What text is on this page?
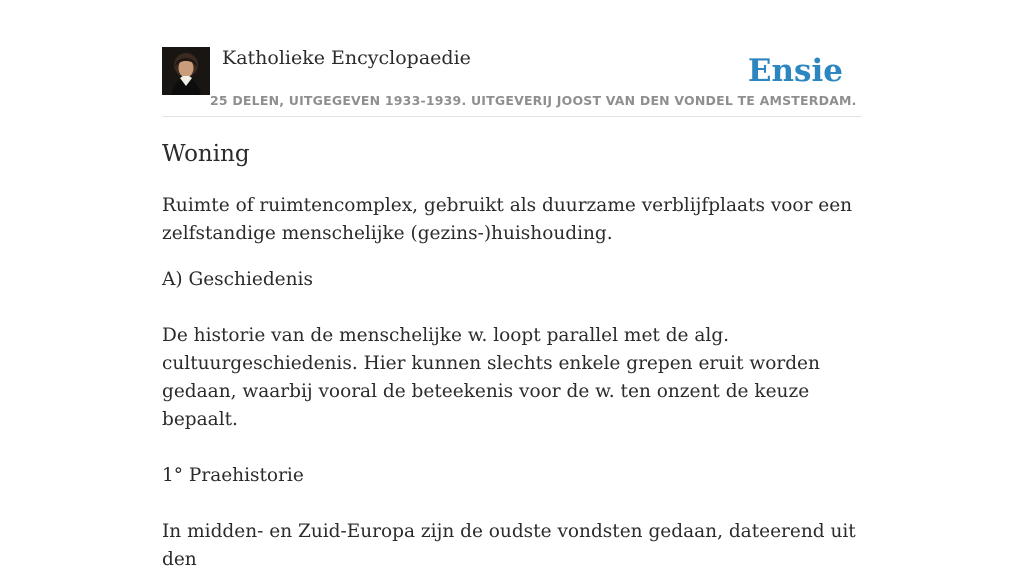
Katholieke Encyclopaedie
25 DELEN, UITGEGEVEN 1933-1939. UITGEVERIJ JOOST VAN DEN VONDEL TE AMSTERDAM.
Ensie
Woning

Ruimte of ruimtencomplex, gebruikt als duurzame verblijfplaats voor een zelfstandige menschelijke (gezins-)huishouding.

A) Geschiedenis

De historie van de menschelijke w. loopt parallel met de alg. cultuurgeschiedenis. Hier kunnen slechts enkele grepen eruit worden gedaan, waarbij vooral de beteekenis voor de w. ten onzent de keuze bepaalt.

1° Praehistorie

In midden- en Zuid-Europa zijn de oudste vondsten gedaan, dateerend uit den
